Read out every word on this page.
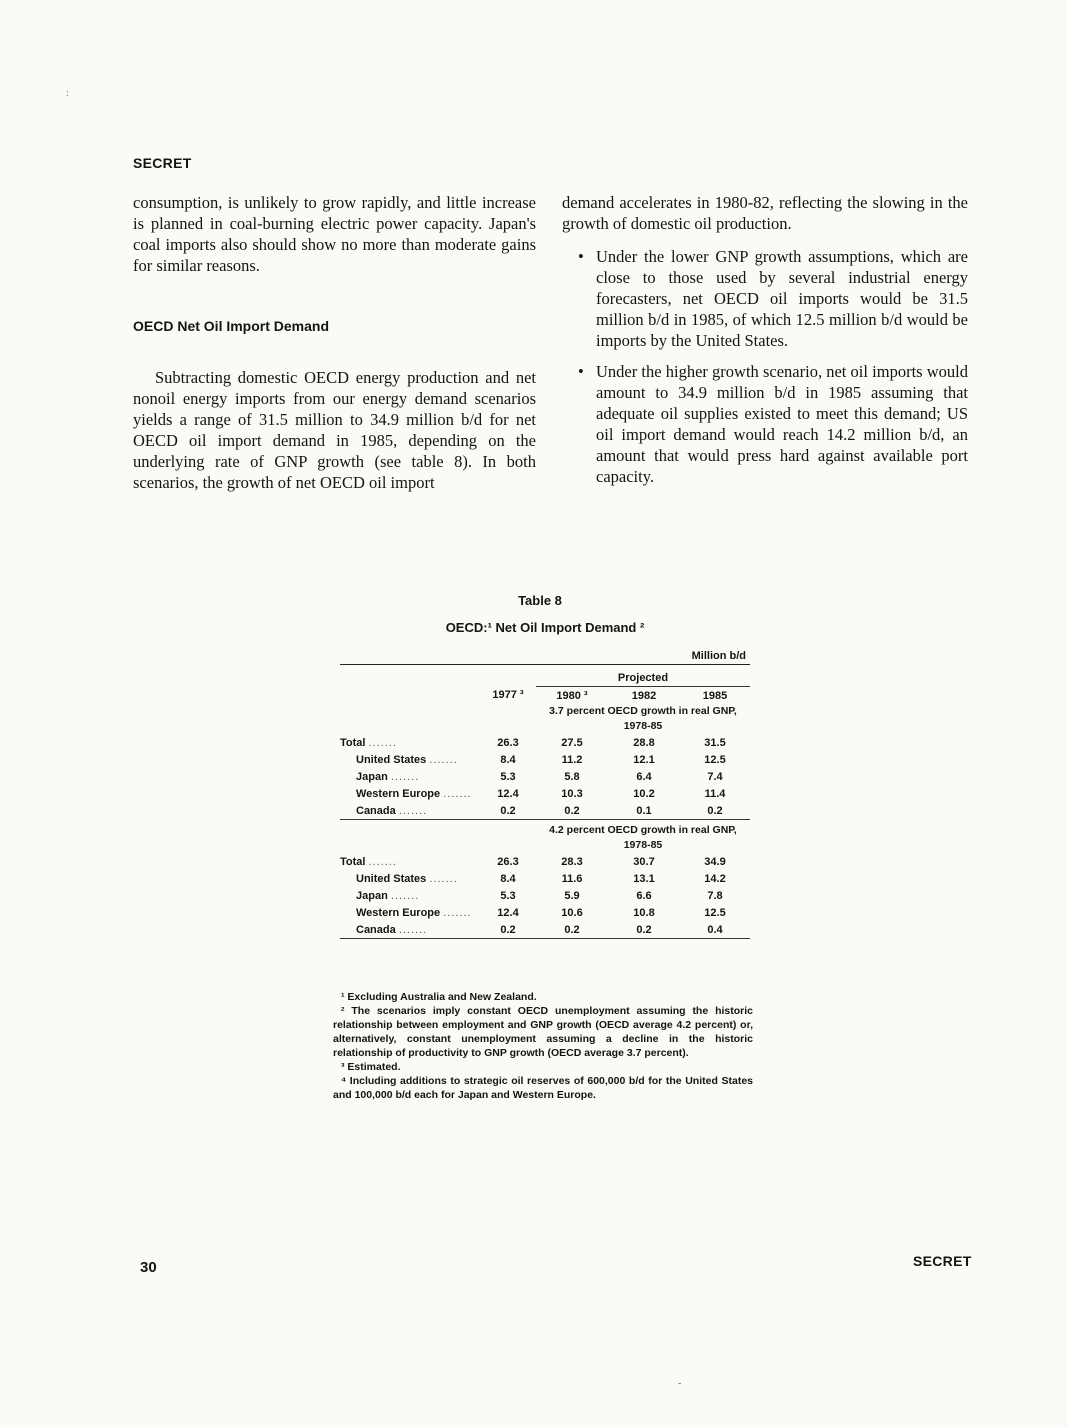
:
SECRET

consumption, is unlikely to grow rapidly, and little increase is planned in coal-burning electric power capacity. Japan's coal imports also should show no more than moderate gains for similar reasons.

OECD Net Oil Import Demand

Subtracting domestic OECD energy production and net nonoil energy imports from our energy demand scenarios yields a range of 31.5 million to 34.9 million b/d for net OECD oil import demand in 1985, depending on the underlying rate of GNP growth (see table 8). In both scenarios, the growth of net OECD oil import

demand accelerates in 1980-82, reflecting the slowing in the growth of domestic oil production.

• Under the lower GNP growth assumptions, which are close to those used by several industrial energy forecasters, net OECD oil imports would be 31.5 million b/d in 1985, of which 12.5 million b/d would be imports by the United States.
• Under the higher growth scenario, net oil imports would amount to 34.9 million b/d in 1985 assuming that adequate oil supplies existed to meet this demand; US oil import demand would reach 14.2 million b/d, an amount that would press hard against available port capacity.
Table 8
OECD:¹ Net Oil Import Demand ²
Million b/d

		Projected		
	1977 ³	1980 ³	1982	1985
		3.7 percent OECD growth in real GNP, 1978-85		
Total .......	26.3	27.5	28.8	31.5
United States .......	8.4	11.2	12.1	12.5
Japan .......	5.3	5.8	6.4	7.4
Western Europe .......	12.4	10.3	10.2	11.4
Canada .......	0.2	0.2	0.1	0.2

		4.2 percent OECD growth in real GNP, 1978-85		
Total .......	26.3	28.3	30.7	34.9
United States .......	8.4	11.6	13.1	14.2
Japan .......	5.3	5.9	6.6	7.8
Western Europe .......	12.4	10.6	10.8	12.5
Canada .......	0.2	0.2	0.2	0.4

¹ Excluding Australia and New Zealand.

² The scenarios imply constant OECD unemployment assuming the historic relationship between employment and GNP growth (OECD average 4.2 percent) or, alternatively, constant unemployment assuming a decline in the historic relationship of productivity to GNP growth (OECD average 3.7 percent).

³ Estimated.

⁴ Including additions to strategic oil reserves of 600,000 b/d for the United States and 100,000 b/d each for Japan and Western Europe.

30	SECRET
-
